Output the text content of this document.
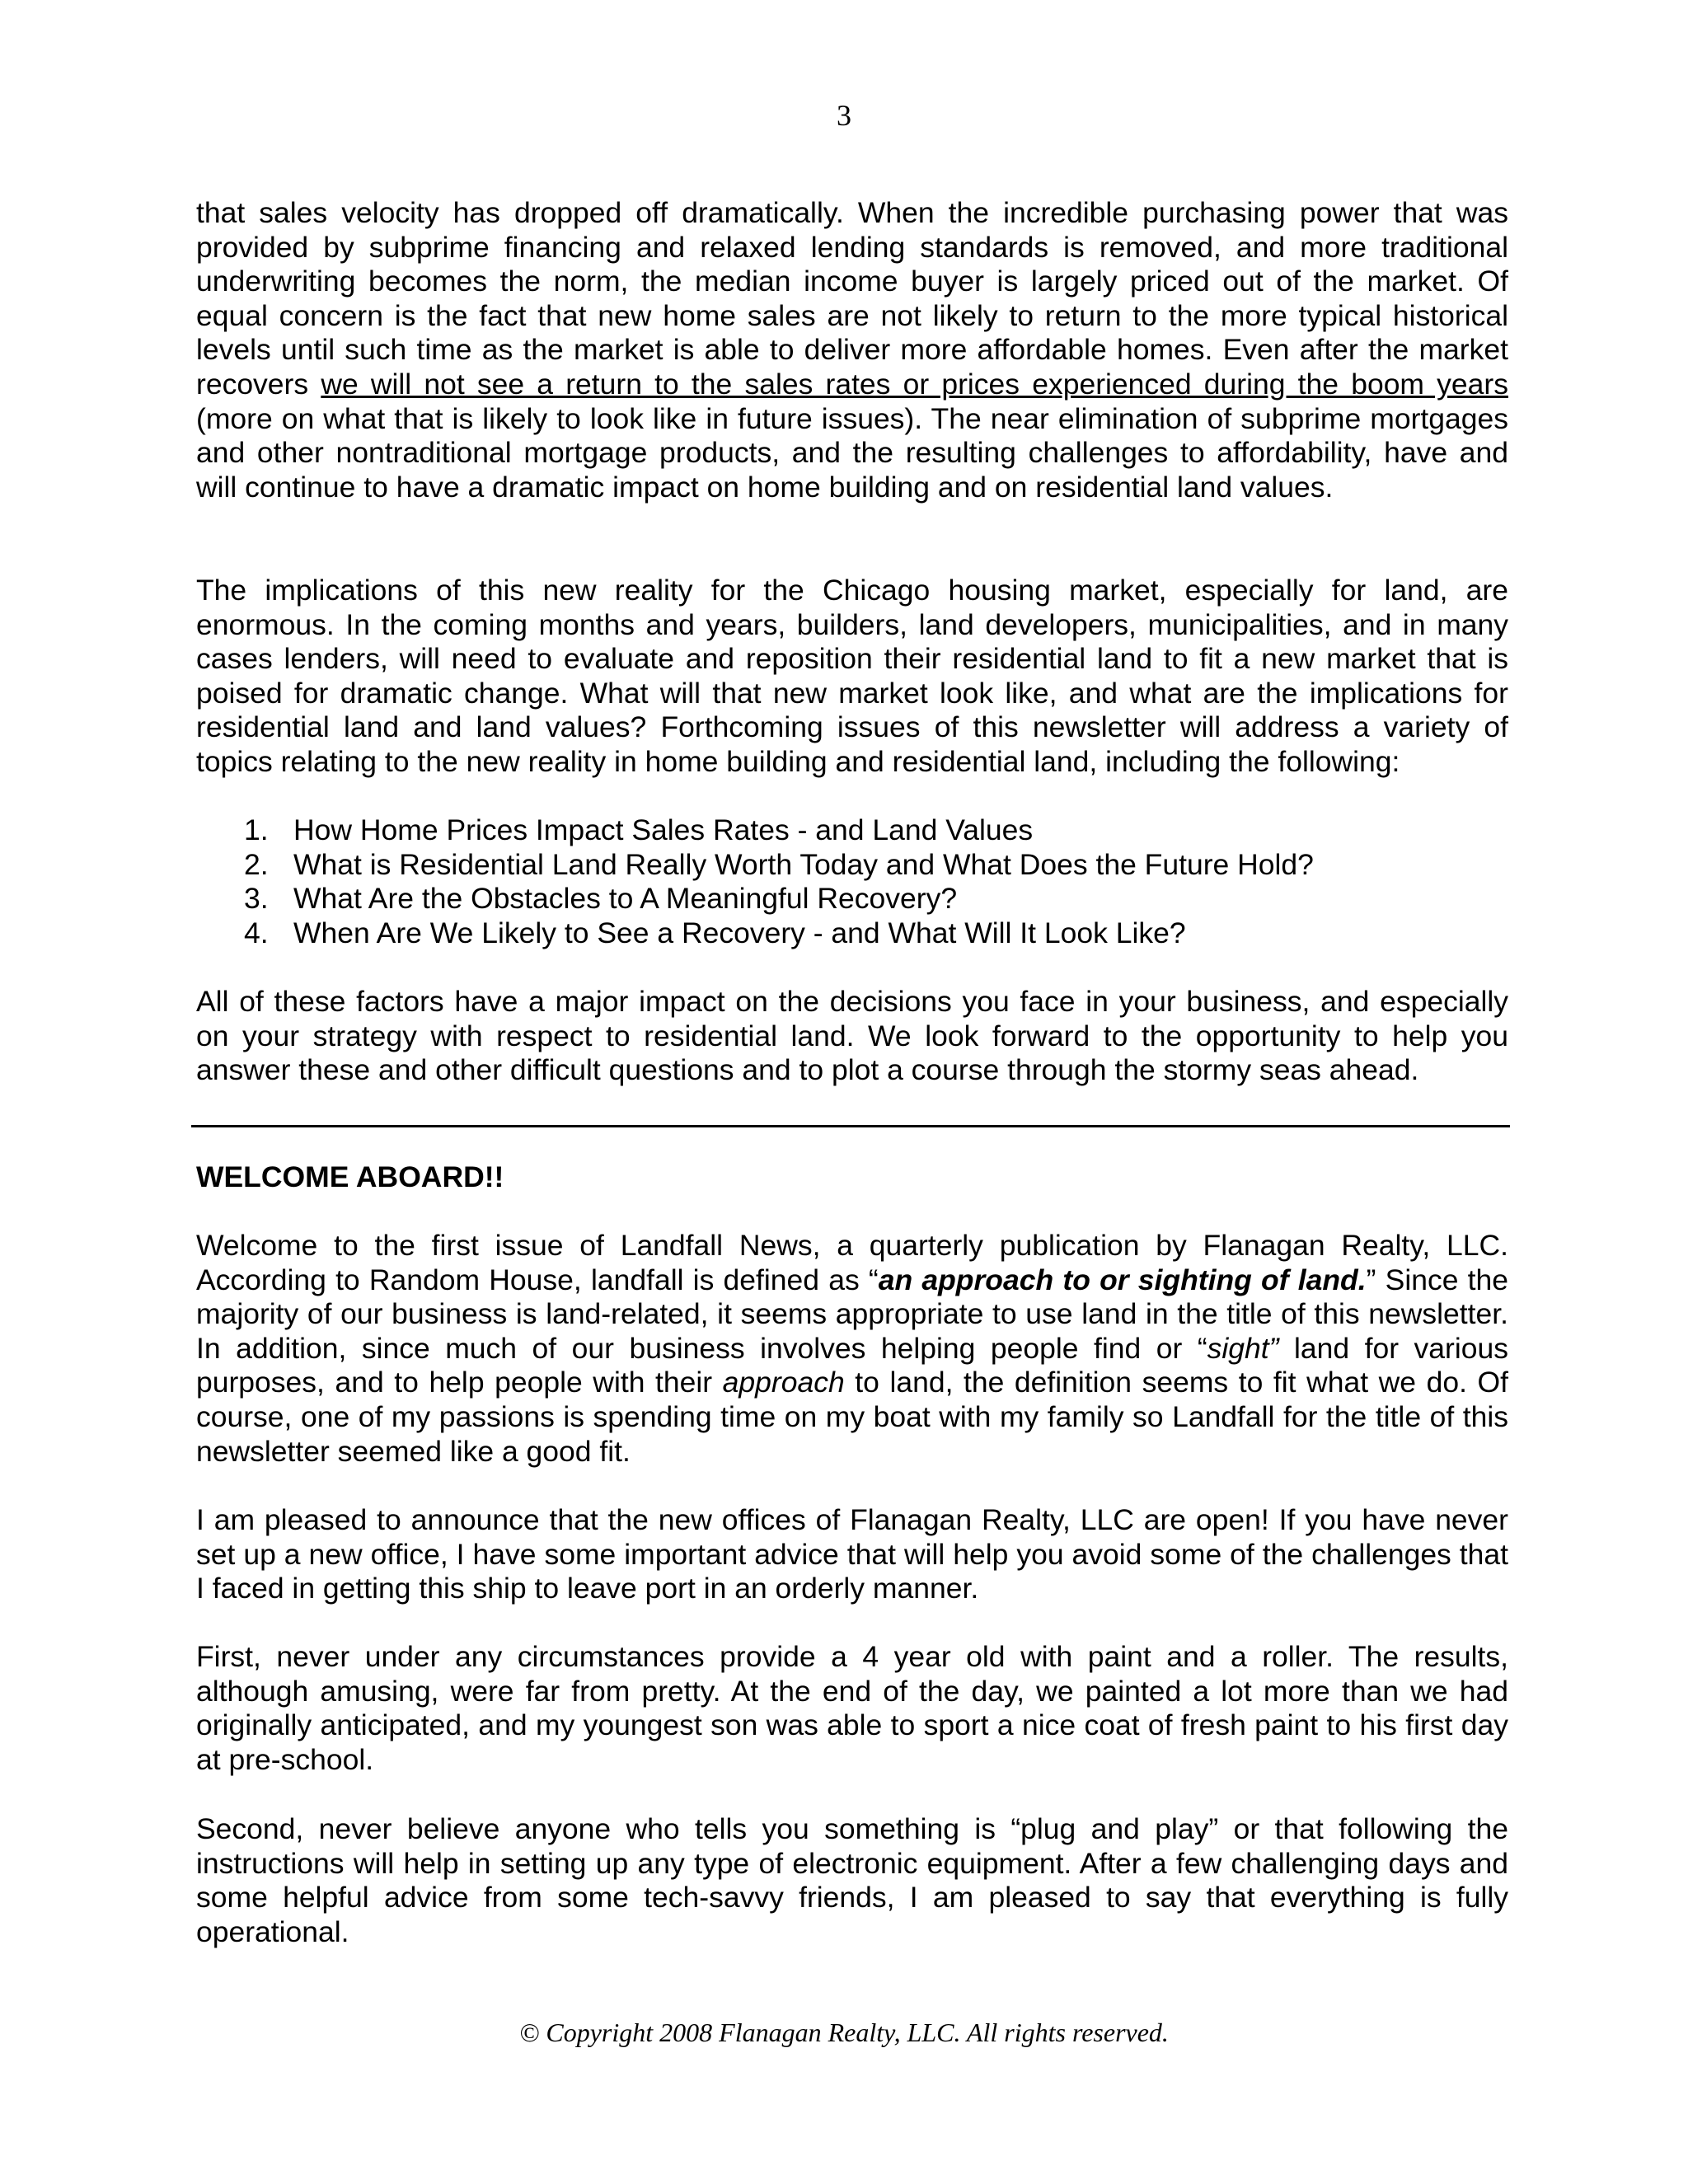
3

that sales velocity has dropped off dramatically. When the incredible purchasing power that was provided by subprime financing and relaxed lending standards is removed, and more traditional underwriting becomes the norm, the median income buyer is largely priced out of the market. Of equal concern is the fact that new home sales are not likely to return to the more typical historical levels until such time as the market is able to deliver more affordable homes. Even after the market recovers we will not see a return to the sales rates or prices experienced during the boom years (more on what that is likely to look like in future issues). The near elimination of subprime mortgages and other nontraditional mortgage products, and the resulting challenges to affordability, have and will continue to have a dramatic impact on home building and on residential land values.

The implications of this new reality for the Chicago housing market, especially for land, are enormous. In the coming months and years, builders, land developers, municipalities, and in many cases lenders, will need to evaluate and reposition their residential land to fit a new market that is poised for dramatic change. What will that new market look like, and what are the implications for residential land and land values? Forthcoming issues of this newsletter will address a variety of topics relating to the new reality in home building and residential land, including the following:

1. How Home Prices Impact Sales Rates - and Land Values
2. What is Residential Land Really Worth Today and What Does the Future Hold?
3. What Are the Obstacles to A Meaningful Recovery?
4. When Are We Likely to See a Recovery - and What Will It Look Like?

All of these factors have a major impact on the decisions you face in your business, and especially on your strategy with respect to residential land. We look forward to the opportunity to help you answer these and other difficult questions and to plot a course through the stormy seas ahead.

WELCOME ABOARD!!

Welcome to the first issue of Landfall News, a quarterly publication by Flanagan Realty, LLC. According to Random House, landfall is defined as “an approach to or sighting of land.” Since the majority of our business is land-related, it seems appropriate to use land in the title of this newsletter. In addition, since much of our business involves helping people find or “sight” land for various purposes, and to help people with their approach to land, the definition seems to fit what we do. Of course, one of my passions is spending time on my boat with my family so Landfall for the title of this newsletter seemed like a good fit.

I am pleased to announce that the new offices of Flanagan Realty, LLC are open! If you have never set up a new office, I have some important advice that will help you avoid some of the challenges that I faced in getting this ship to leave port in an orderly manner.

First, never under any circumstances provide a 4 year old with paint and a roller. The results, although amusing, were far from pretty. At the end of the day, we painted a lot more than we had originally anticipated, and my youngest son was able to sport a nice coat of fresh paint to his first day at pre-school.

Second, never believe anyone who tells you something is “plug and play” or that following the instructions will help in setting up any type of electronic equipment. After a few challenging days and some helpful advice from some tech-savvy friends, I am pleased to say that everything is fully operational.

© Copyright 2008 Flanagan Realty, LLC. All rights reserved.
